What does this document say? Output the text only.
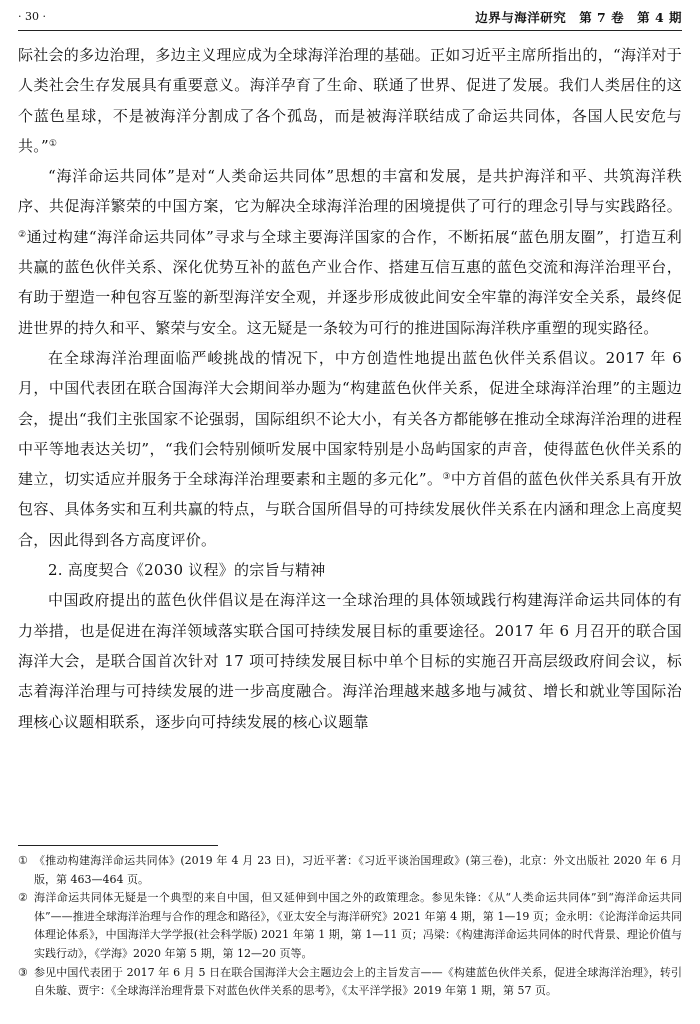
· 30 ·	边界与海洋研究　第 7 卷　第 4 期

际社会的多边治理，多边主义理应成为全球海洋治理的基础。正如习近平主席所指出的，“海洋对于人类社会生存发展具有重要意义。海洋孕育了生命、联通了世界、促进了发展。我们人类居住的这个蓝色星球，不是被海洋分割成了各个孤岛，而是被海洋联结成了命运共同体，各国人民安危与共。”①

“海洋命运共同体”是对“人类命运共同体”思想的丰富和发展，是共护海洋和平、共筑海洋秩序、共促海洋繁荣的中国方案，它为解决全球海洋治理的困境提供了可行的理念引导与实践路径。②通过构建“海洋命运共同体”寻求与全球主要海洋国家的合作，不断拓展“蓝色朋友圈”，打造互利共赢的蓝色伙伴关系、深化优势互补的蓝色产业合作、搭建互信互惠的蓝色交流和海洋治理平台，有助于塑造一种包容互鉴的新型海洋安全观，并逐步形成彼此间安全牢靠的海洋安全关系，最终促进世界的持久和平、繁荣与安全。这无疑是一条较为可行的推进国际海洋秩序重塑的现实路径。

在全球海洋治理面临严峻挑战的情况下，中方创造性地提出蓝色伙伴关系倡议。2017 年 6 月，中国代表团在联合国海洋大会期间举办题为“构建蓝色伙伴关系，促进全球海洋治理”的主题边会，提出“我们主张国家不论强弱，国际组织不论大小，有关各方都能够在推动全球海洋治理的进程中平等地表达关切”，“我们会特别倾听发展中国家特别是小岛屿国家的声音，使得蓝色伙伴关系的建立，切实适应并服务于全球海洋治理要素和主题的多元化”。③中方首倡的蓝色伙伴关系具有开放包容、具体务实和互利共赢的特点，与联合国所倡导的可持续发展伙伴关系在内涵和理念上高度契合，因此得到各方高度评价。

2. 高度契合《2030 议程》的宗旨与精神

中国政府提出的蓝色伙伴倡议是在海洋这一全球治理的具体领域践行构建海洋命运共同体的有力举措，也是促进在海洋领域落实联合国可持续发展目标的重要途径。2017 年 6 月召开的联合国海洋大会，是联合国首次针对 17 项可持续发展目标中单个目标的实施召开高层级政府间会议，标志着海洋治理与可持续发展的进一步高度融合。海洋治理越来越多地与减贫、增长和就业等国际治理核心议题相联系，逐步向可持续发展的核心议题靠

① 《推动构建海洋命运共同体》(2019 年 4 月 23 日)，习近平著：《习近平谈治国理政》(第三卷)，北京：外文出版社 2020 年 6 月版，第 463—464 页。
② 海洋命运共同体无疑是一个典型的来自中国，但又延伸到中国之外的政策理念。参见朱锋：《从“人类命运共同体”到“海洋命运共同体”——推进全球海洋治理与合作的理念和路径》，《亚太安全与海洋研究》2021 年第 4 期，第 1—19 页；金永明：《论海洋命运共同体理论体系》，中国海洋大学学报(社会科学版) 2021 年第 1 期，第 1—11 页；冯梁：《构建海洋命运共同体的时代背景、理论价值与实践行动》，《学海》2020 年第 5 期，第 12—20 页等。
③ 参见中国代表团于 2017 年 6 月 5 日在联合国海洋大会主题边会上的主旨发言——《构建蓝色伙伴关系，促进全球海洋治理》，转引自朱璇、贾宇：《全球海洋治理背景下对蓝色伙伴关系的思考》，《太平洋学报》2019 年第 1 期，第 57 页。
